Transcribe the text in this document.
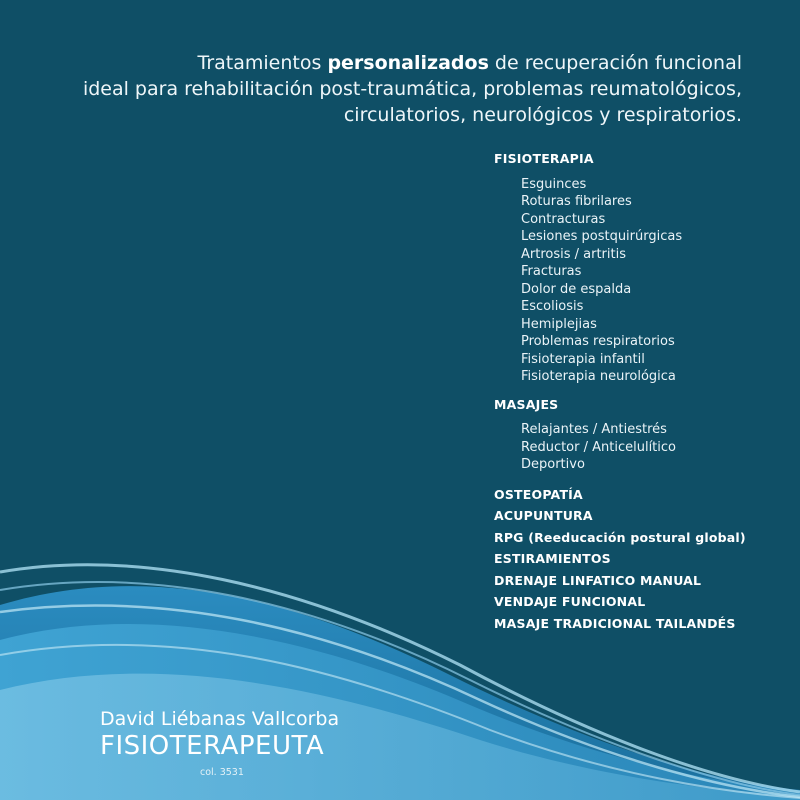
Tratamientos personalizados de recuperación funcional
ideal para rehabilitación post-traumática, problemas reumatológicos,
circulatorios, neurológicos y respiratorios.
FISIOTERAPIA
Esguinces
Roturas fibrilares
Contracturas
Lesiones postquirúrgicas
Artrosis / artritis
Fracturas
Dolor de espalda
Escoliosis
Hemiplejias
Problemas respiratorios
Fisioterapia infantil
Fisioterapia neurológica
MASAJES
Relajantes / Antiestrés
Reductor / Anticelulítico
Deportivo
OSTEOPATÍA
ACUPUNTURA
RPG (Reeducación postural global)
ESTIRAMIENTOS
DRENAJE LINFATICO MANUAL
VENDAJE FUNCIONAL
MASAJE TRADICIONAL TAILANDÉS
David Liébanas Vallcorba
FISIOTERAPEUTA
col. 3531
